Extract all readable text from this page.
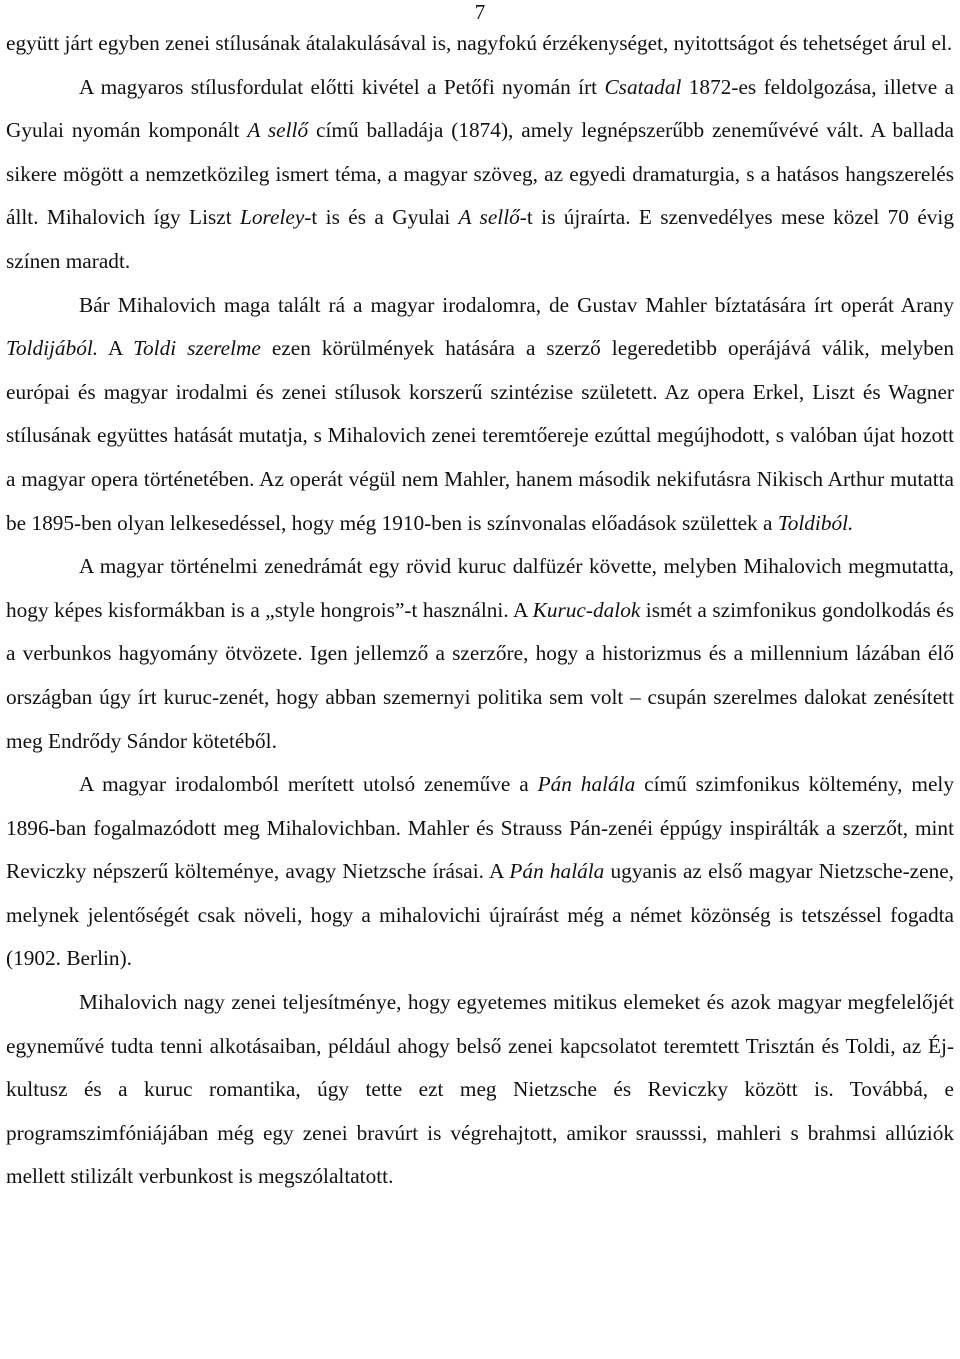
7

együtt járt egyben zenei stílusának átalakulásával is, nagyfokú érzékenységet, nyitottságot és tehetséget árul el.

A magyaros stílusfordulat előtti kivétel a Petőfi nyomán írt Csatadal 1872-es feldolgozása, illetve a Gyulai nyomán komponált A sellő című balladája (1874), amely legnépszerűbb zeneművévé vált. A ballada sikere mögött a nemzetközileg ismert téma, a magyar szöveg, az egyedi dramaturgia, s a hatásos hangszerelés állt. Mihalovich így Liszt Loreley-t is és a Gyulai A sellő-t is újraírta. E szenvedélyes mese közel 70 évig színen maradt.

Bár Mihalovich maga talált rá a magyar irodalomra, de Gustav Mahler bíztatására írt operát Arany Toldijából. A Toldi szerelme ezen körülmények hatására a szerző legeredetibb operájává válik, melyben európai és magyar irodalmi és zenei stílusok korszerű szintézise született. Az opera Erkel, Liszt és Wagner stílusának együttes hatását mutatja, s Mihalovich zenei teremtőereje ezúttal megújhodott, s valóban újat hozott a magyar opera történetében. Az operát végül nem Mahler, hanem második nekifutásra Nikisch Arthur mutatta be 1895-ben olyan lelkesedéssel, hogy még 1910-ben is színvonalas előadások születtek a Toldiból.

A magyar történelmi zenedrámát egy rövid kuruc dalfüzér követte, melyben Mihalovich megmutatta, hogy képes kisformákban is a „style hongrois”-t használni. A Kuruc-dalok ismét a szimfonikus gondolkodás és a verbunkos hagyomány ötvözete. Igen jellemző a szerzőre, hogy a historizmus és a millennium lázában élő országban úgy írt kuruc-zenét, hogy abban szemernyi politika sem volt – csupán szerelmes dalokat zenésített meg Endrődy Sándor kötetéből.

A magyar irodalomból merített utolsó zeneműve a Pán halála című szimfonikus költemény, mely 1896-ban fogalmazódott meg Mihalovichban. Mahler és Strauss Pán-zenéi éppúgy inspirálták a szerzőt, mint Reviczky népszerű költeménye, avagy Nietzsche írásai. A Pán halála ugyanis az első magyar Nietzsche-zene, melynek jelentőségét csak növeli, hogy a mihalovichi újraírást még a német közönség is tetszéssel fogadta (1902. Berlin).

Mihalovich nagy zenei teljesítménye, hogy egyetemes mitikus elemeket és azok magyar megfelelőjét egyneművé tudta tenni alkotásaiban, például ahogy belső zenei kapcsolatot teremtett Trisztán és Toldi, az Éj-kultusz és a kuruc romantika, úgy tette ezt meg Nietzsche és Reviczky között is. Továbbá, e programszimfóniájában még egy zenei bravúrt is végrehajtott, amikor srausssi, mahleri s brahmsi allúziók mellett stilizált verbunkost is megszólaltatott.
